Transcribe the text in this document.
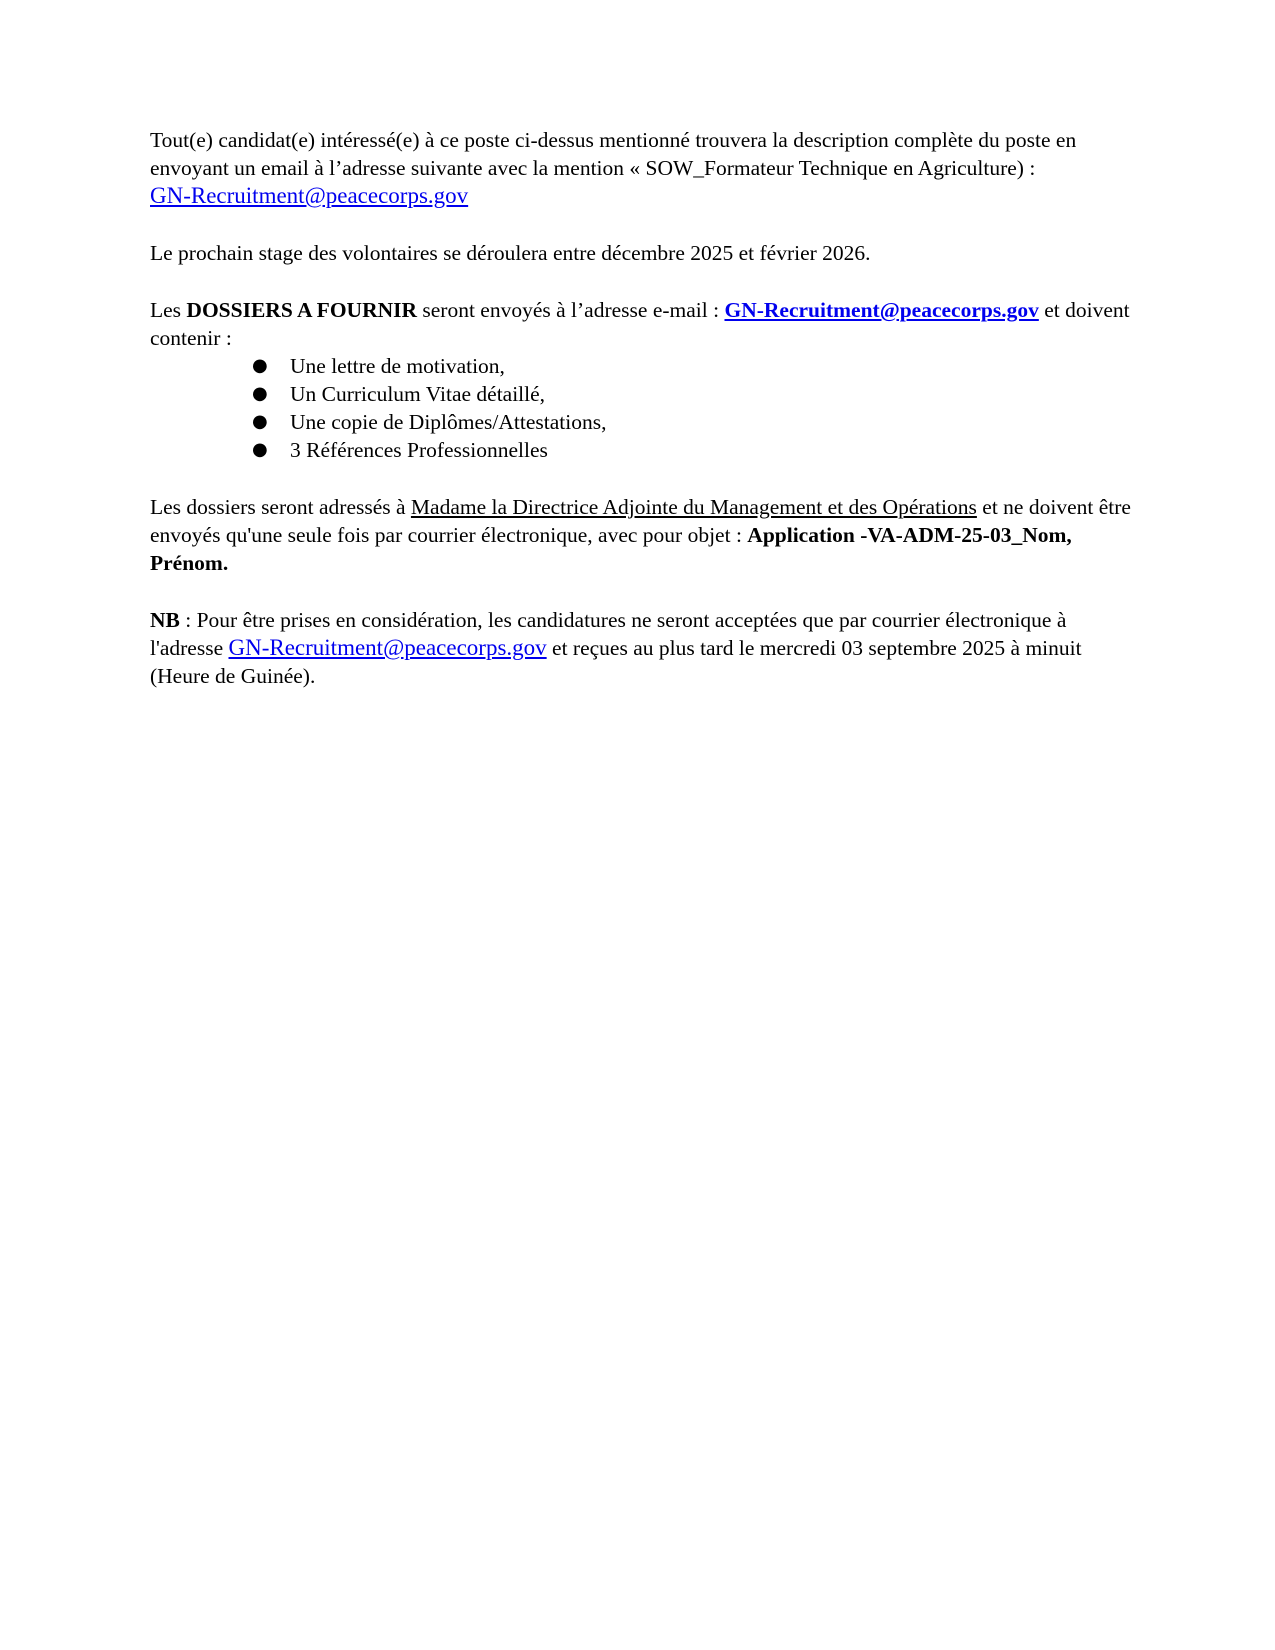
Tout(e) candidat(e) intéressé(e) à ce poste ci-dessus mentionné trouvera la description complète du poste en envoyant un email à l’adresse suivante avec la mention « SOW_Formateur Technique en Agriculture) :
GN-Recruitment@peacecorps.gov

Le prochain stage des volontaires se déroulera entre décembre 2025 et février 2026.

Les DOSSIERS A FOURNIR seront envoyés à l’adresse e-mail : GN-Recruitment@peacecorps.gov et doivent contenir :

● Une lettre de motivation,
● Un Curriculum Vitae détaillé,
● Une copie de Diplômes/Attestations,
● 3 Références Professionnelles

Les dossiers seront adressés à Madame la Directrice Adjointe du Management et des Opérations et ne doivent être envoyés qu'une seule fois par courrier électronique, avec pour objet : Application -VA-ADM-25-03_Nom, Prénom.

NB : Pour être prises en considération, les candidatures ne seront acceptées que par courrier électronique à l'adresse GN-Recruitment@peacecorps.gov et reçues au plus tard le mercredi 03 septembre 2025 à minuit (Heure de Guinée).
